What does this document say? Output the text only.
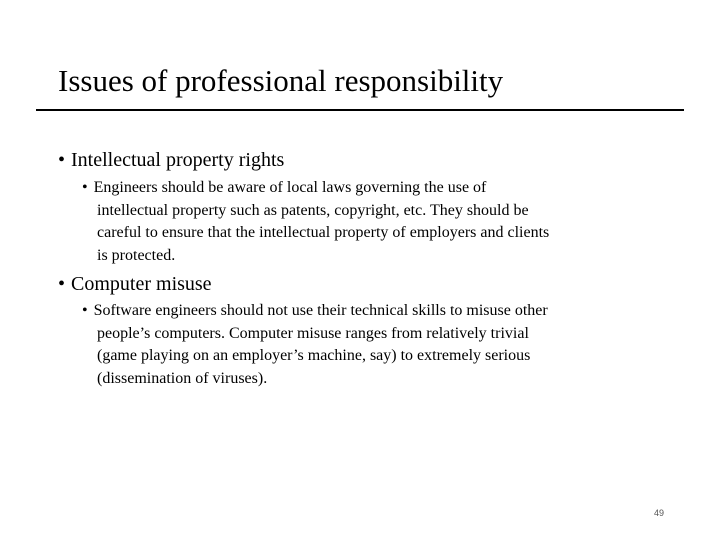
Issues of professional responsibility
• Intellectual property rights
• Engineers should be aware of local laws governing the use of
intellectual property such as patents, copyright, etc. They should be
careful to ensure that the intellectual property of employers and clients
is protected.
• Computer misuse
• Software engineers should not use their technical skills to misuse other
people’s computers. Computer misuse ranges from relatively trivial
(game playing on an employer’s machine, say) to extremely serious
(dissemination of viruses).
49
